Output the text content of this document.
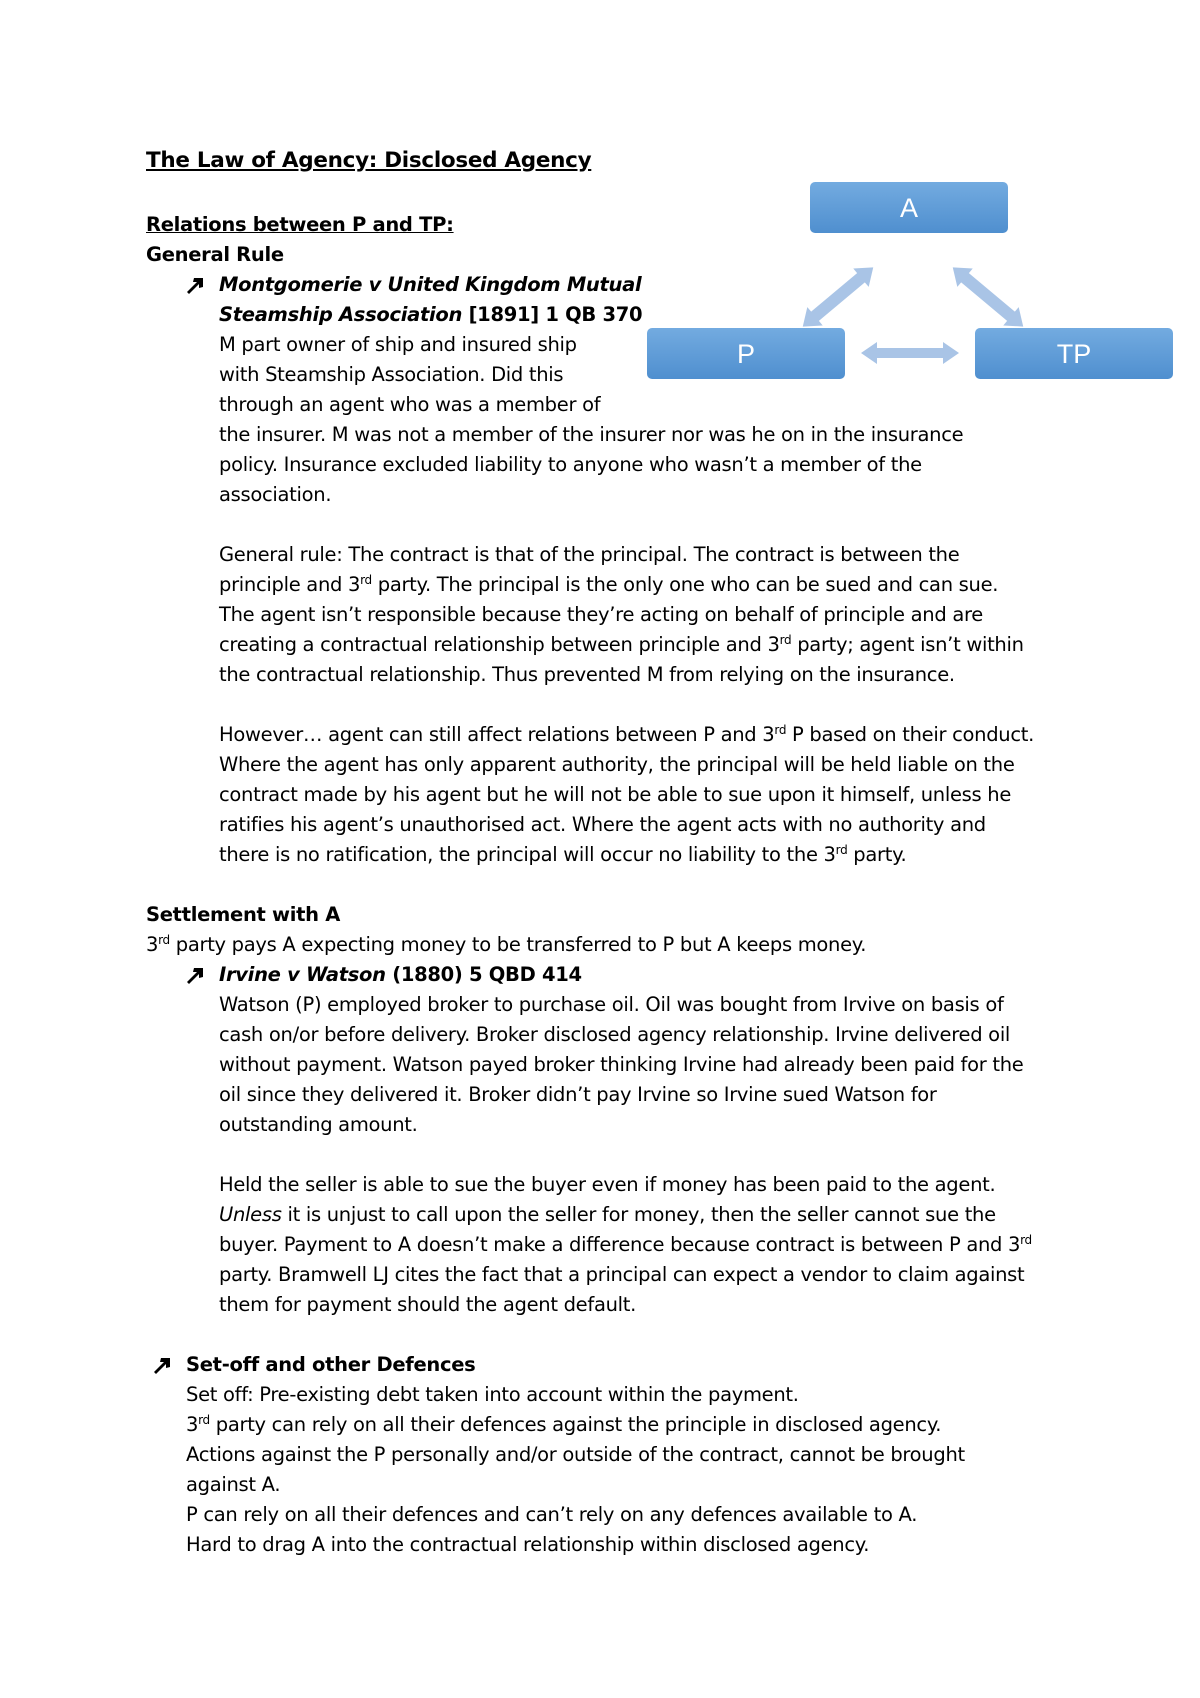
A
P	TP
The Law of Agency: Disclosed Agency
Relations between P and TP:
General Rule
Montgomerie v United Kingdom Mutual
Steamship Association [1891] 1 QB 370
M part owner of ship and insured ship
with Steamship Association. Did this
through an agent who was a member of
the insurer. M was not a member of the insurer nor was he on in the insurance
policy. Insurance excluded liability to anyone who wasn’t a member of the
association.
General rule: The contract is that of the principal. The contract is between the
principle and 3rd party. The principal is the only one who can be sued and can sue.
The agent isn’t responsible because they’re acting on behalf of principle and are
creating a contractual relationship between principle and 3rd party; agent isn’t within
the contractual relationship. Thus prevented M from relying on the insurance.
However… agent can still affect relations between P and 3rd P based on their conduct.
Where the agent has only apparent authority, the principal will be held liable on the
contract made by his agent but he will not be able to sue upon it himself, unless he
ratifies his agent’s unauthorised act. Where the agent acts with no authority and
there is no ratification, the principal will occur no liability to the 3rd party.
Settlement with A
3rd party pays A expecting money to be transferred to P but A keeps money.
Irvine v Watson (1880) 5 QBD 414
Watson (P) employed broker to purchase oil. Oil was bought from Irvive on basis of
cash on/or before delivery. Broker disclosed agency relationship. Irvine delivered oil
without payment. Watson payed broker thinking Irvine had already been paid for the
oil since they delivered it. Broker didn’t pay Irvine so Irvine sued Watson for
outstanding amount.
Held the seller is able to sue the buyer even if money has been paid to the agent.
Unless it is unjust to call upon the seller for money, then the seller cannot sue the
buyer. Payment to A doesn’t make a difference because contract is between P and 3rd
party. Bramwell LJ cites the fact that a principal can expect a vendor to claim against
them for payment should the agent default.
Set-off and other Defences
Set off: Pre-existing debt taken into account within the payment.
3rd party can rely on all their defences against the principle in disclosed agency.
Actions against the P personally and/or outside of the contract, cannot be brought
against A.
P can rely on all their defences and can’t rely on any defences available to A.
Hard to drag A into the contractual relationship within disclosed agency.
